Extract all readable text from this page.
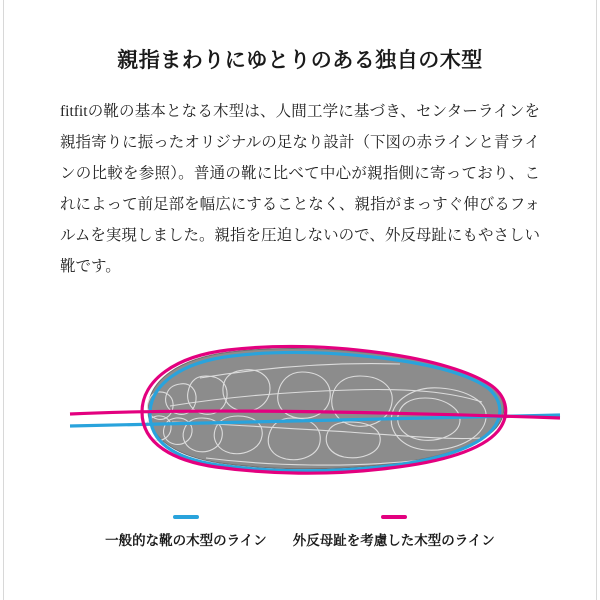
親指まわりにゆとりのある独自の木型

fitfitの靴の基本となる木型は、人間工学に基づき、センターラインを親指寄りに振ったオリジナルの足なり設計（下図の赤ラインと青ラインの比較を参照）。普通の靴に比べて中心が親指側に寄っており、これによって前足部を幅広にすることなく、親指がまっすぐ伸びるフォルムを実現しました。親指を圧迫しないので、外反母趾にもやさしい靴です。

一般的な靴の木型のライン 外反母趾を考慮した木型のライン
